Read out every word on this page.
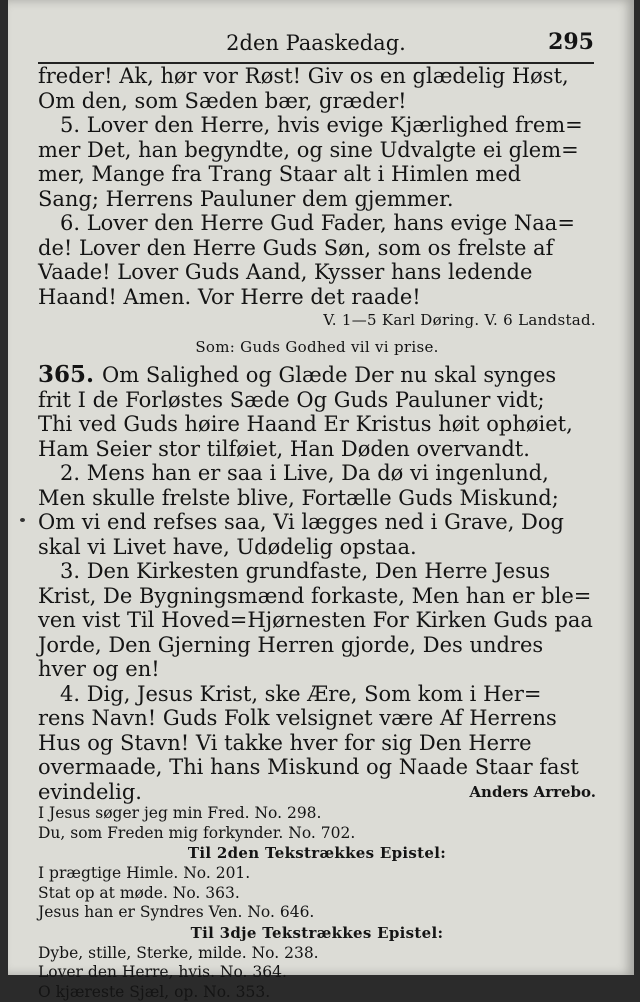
2den Paaskedag.	295
freder! Ak, hør vor Røst! Giv os en glædelig Høst,
Om den, som Sæden bær, græder!
5. Lover den Herre, hvis evige Kjærlighed frem=
mer Det, han begyndte, og sine Udvalgte ei glem=
mer, Mange fra Trang Staar alt i Himlen med
Sang; Herrens Pauluner dem gjemmer.
6. Lover den Herre Gud Fader, hans evige Naa=
de! Lover den Herre Guds Søn, som os frelste af
Vaade! Lover Guds Aand, Kysser hans ledende
Haand! Amen. Vor Herre det raade!
V. 1—5 Karl Døring. V. 6 Landstad.
Som: Guds Godhed vil vi prise.
365. Om Salighed og Glæde Der nu skal synges
frit I de Forløstes Sæde Og Guds Pauluner vidt;
Thi ved Guds høire Haand Er Kristus høit ophøiet,
Ham Seier stor tilføiet, Han Døden overvandt.
2. Mens han er saa i Live, Da dø vi ingenlund,
Men skulle frelste blive, Fortælle Guds Miskund;
Om vi end refses saa, Vi lægges ned i Grave, Dog
skal vi Livet have, Udødelig opstaa.
3. Den Kirkesten grundfaste, Den Herre Jesus
Krist, De Bygningsmænd forkaste, Men han er ble=
ven vist Til Hoved=Hjørnesten For Kirken Guds paa
Jorde, Den Gjerning Herren gjorde, Des undres
hver og en!
4. Dig, Jesus Krist, ske Ære, Som kom i Her=
rens Navn! Guds Folk velsignet være Af Herrens
Hus og Stavn! Vi takke hver for sig Den Herre
overmaade, Thi hans Miskund og Naade Staar fast
evindelig.	Anders Arrebo.
I Jesus søger jeg min Fred. No. 298.
Du, som Freden mig forkynder. No. 702.
Til 2den Tekstrækkes Epistel:
I prægtige Himle. No. 201.
Stat op at møde. No. 363.
Jesus han er Syndres Ven. No. 646.
Til 3dje Tekstrækkes Epistel:
Dybe, stille, Sterke, milde. No. 238.
Lover den Herre, hvis. No. 364.
O kjæreste Sjæl, op. No. 353.
